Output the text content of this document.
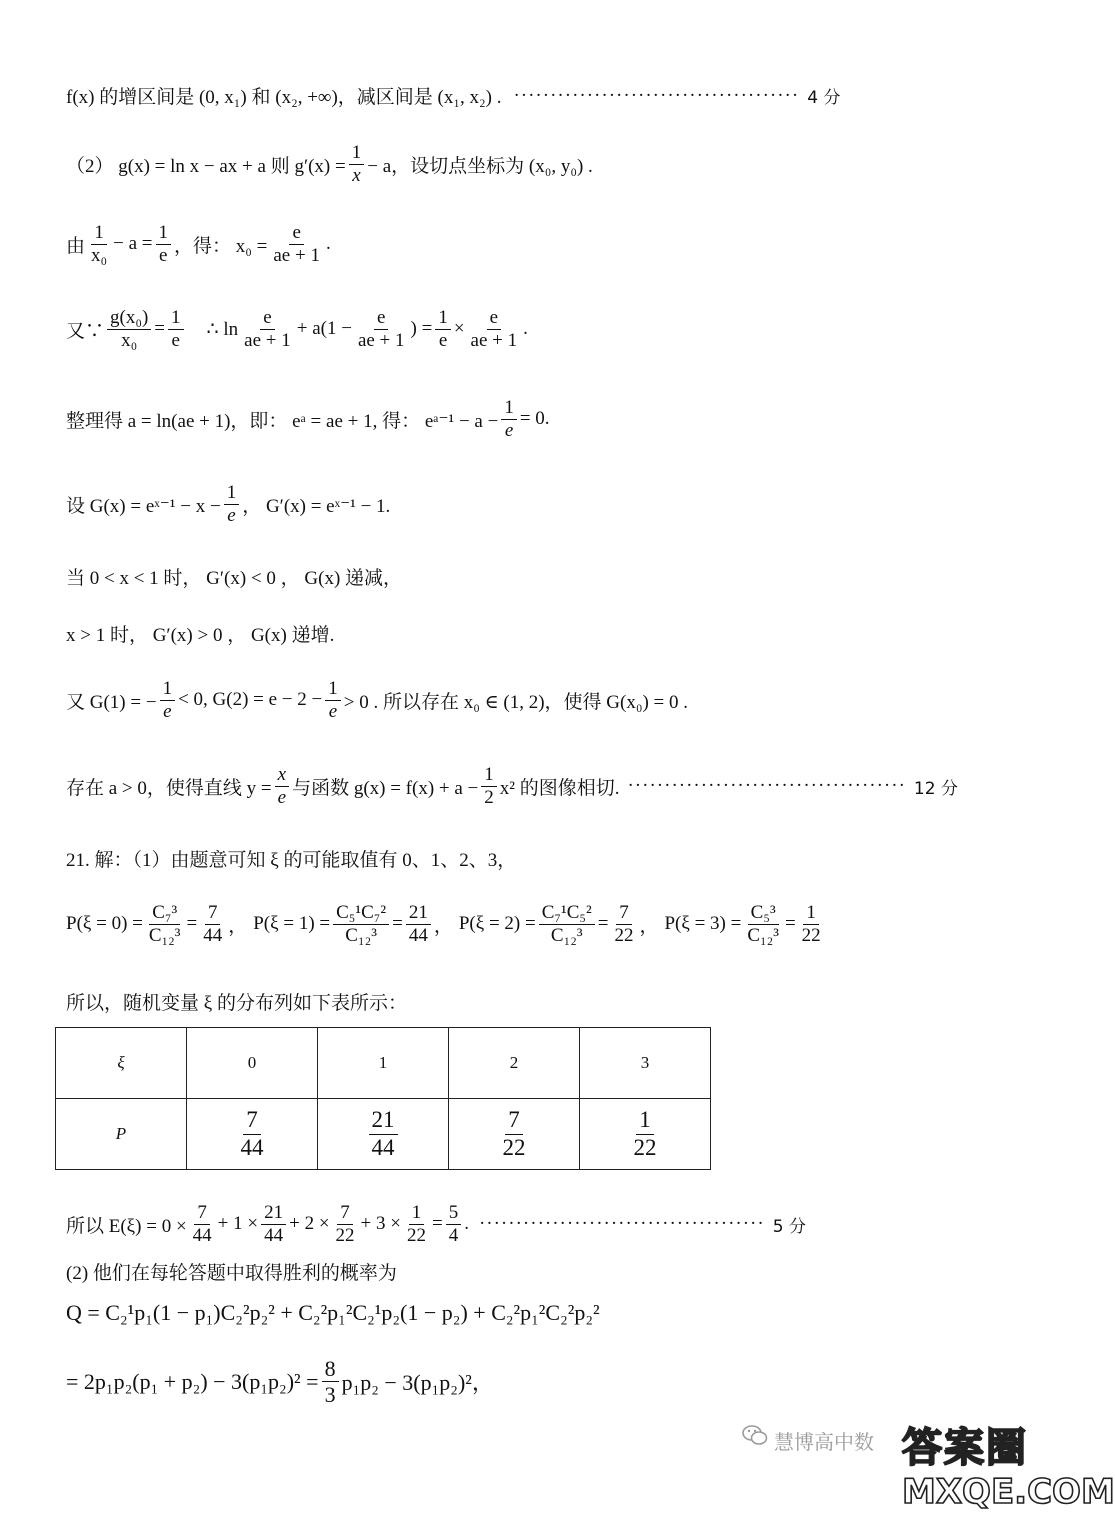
f(x) 的增区间是 (0, x₁) 和 (x₂, +∞)，减区间是 (x₁, x₂) . ······································· 4 分
（2） g(x) = ln x − ax + a 则 $g'(x) = \frac{1}{x} - a$，设切点坐标为 (x₀, y₀) .
由 $\frac{1}{\text{x₀}} - a = \frac{1}{e}$ ，得： $x_0 = \frac{e}{ae + 1}$ .
又∵ $\frac{\text{g(x₀)}}{\text{x₀}} = \frac{1}{e}$ ∴ $\ln \frac{e}{ae + 1} + a(1 - \frac{e}{ae + 1}$ ) = $\frac{1}{e} \times \frac{e}{ae + 1}$ .
整理得 a = ln(ae + 1)，即： eᵃ = ae + 1, 得： eᵃ⁻¹ − $a - \frac{1}{e} = 0$.
设 G(x) = eˣ⁻¹ − $x - \frac{1}{e}$ ， G′(x) = eˣ⁻¹ − 1.
当 0 < x < 1 时， G′(x) < 0 ， G(x) 递减，
x > 1 时， G′(x) > 0 ， G(x) 递增.
又 G(1) = − $\frac{1}{e} < 0$, $G(2) = e - 2 - \frac{1}{e} > 0$ . 所以存在 x₀ ∈ (1, 2)，使得 G(x₀) = 0 .
存在 a > 0，使得直线 $y = \frac{x}{e}$ 与函数 $g(x) = f(x) + a - \frac{1}{2} x^2$ 的图像相切. ······································ 12 分
21. 解：（1）由题意可知 ξ 的可能取值有 0、1、2、3，
$P(\xi = 0) = \frac{\text{C₇³}}{\text{C₁₂³}} = \frac{7}{44}$ ， $P(\xi = 1) = \frac{\text{C₅¹C₇²}}{\text{C₁₂³}} = \frac{21}{44}$ ， $P(\xi = 2) = \frac{\text{C₇¹C₅²}}{\text{C₁₂³}} = \frac{7}{22}$ ， $P(\xi = 3) = \frac{\text{C₅³}}{\text{C₁₂³}} = \frac{1}{22}$
所以，随机变量 ξ 的分布列如下表所示：
ξ	0	1	2	3
P	$\frac{7}{44}$	$\frac{21}{44}$	$\frac{7}{22}$	$\frac{1}{22}$
所以 $E(\xi) = 0 \times \frac{7}{44} + 1 \times \frac{21}{44} + 2 \times \frac{7}{22} + 3 \times \frac{1}{22} = \frac{5}{4}$ . ······································· 5 分
(2) 他们在每轮答题中取得胜利的概率为
Q = C₂¹p₁(1 − p₁)C₂²p₂² + C₂²p₁²C₂¹p₂(1 − p₂) + C₂²p₁²C₂²p₂²
= $2p_1p_2(p_1 + p_2) - 3(p_1p_2)^2 = \frac{8}{3} p_1p_2 - 3(p_1p_2)^2$，
慧博高中数 答案圈
MXQE.COM
